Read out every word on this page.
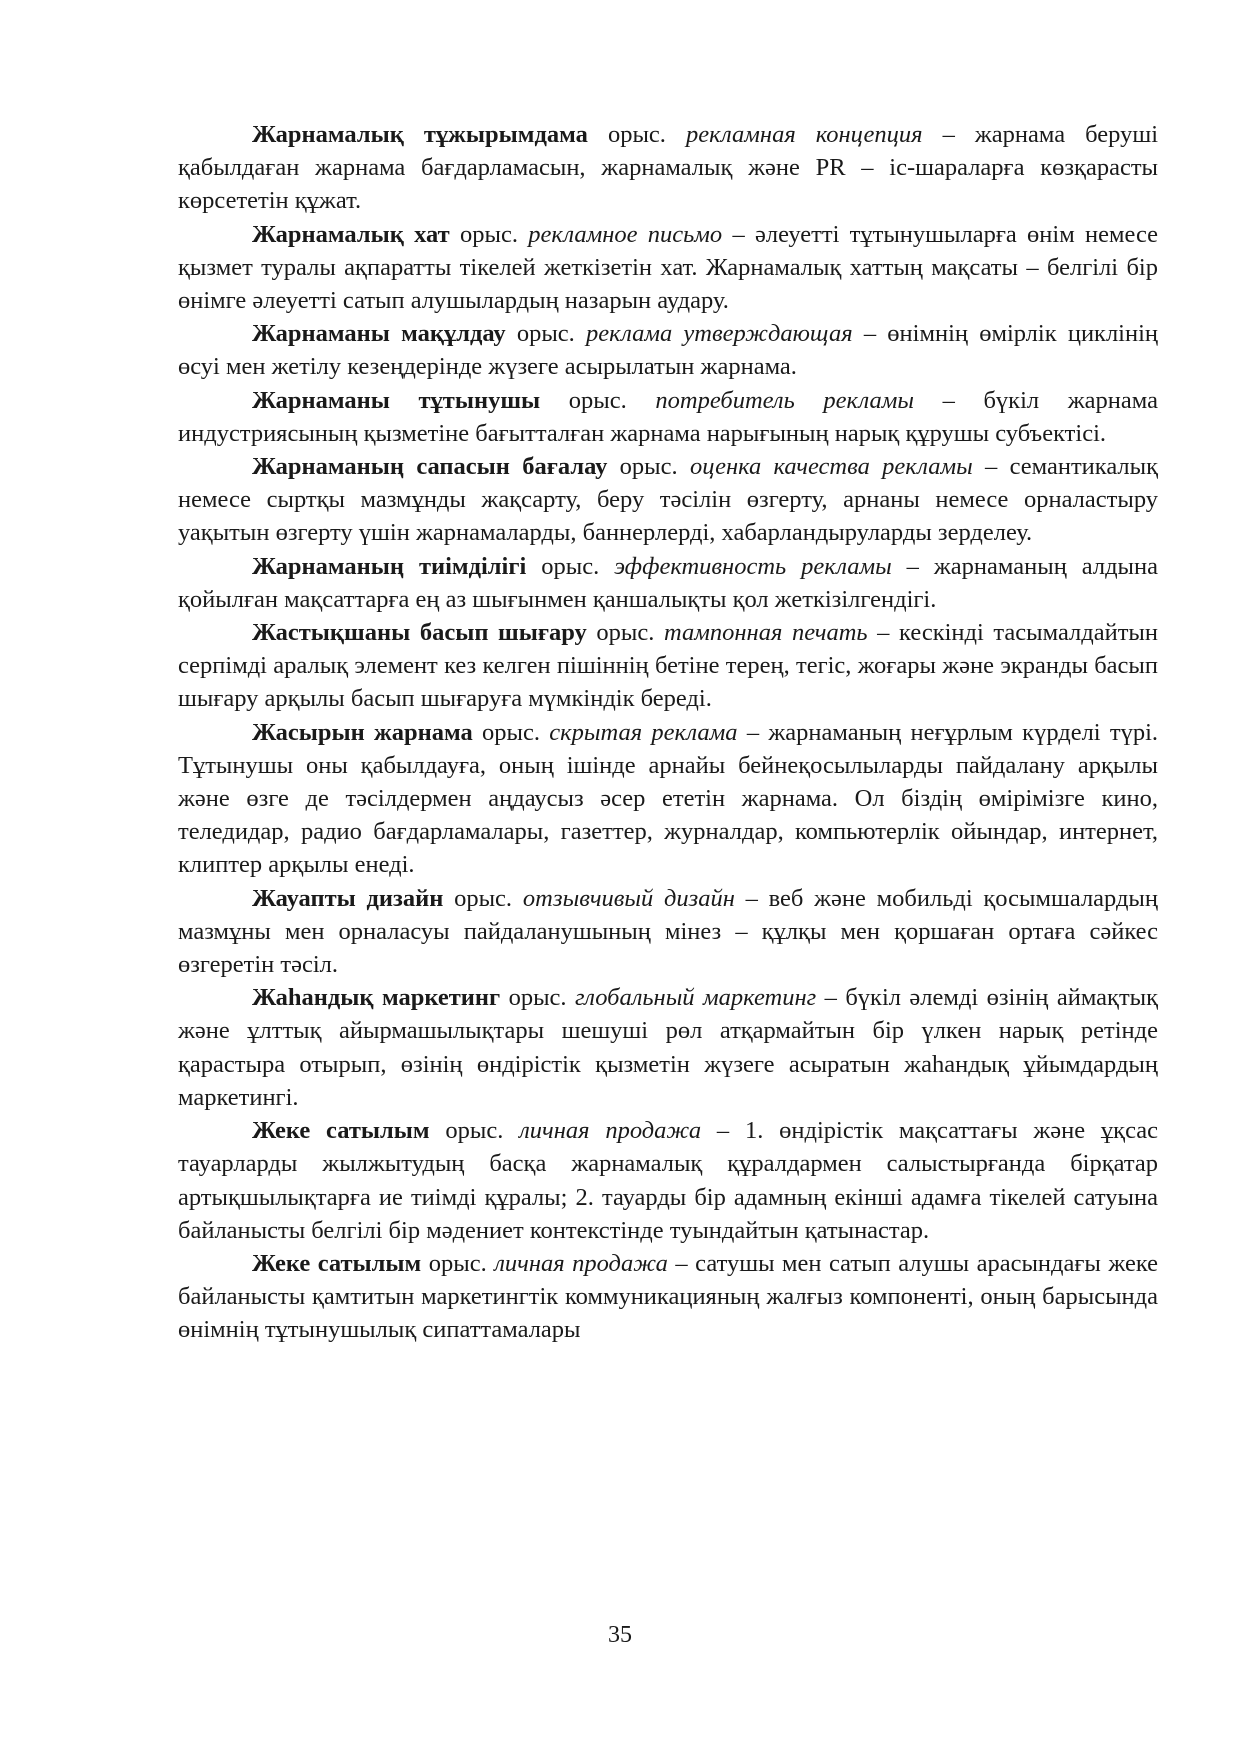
Жарнамалық тұжырымдама орыс. рекламная концепция – жарнама беруші қабылдаған жарнама бағдарламасын, жарнамалық және PR – іс-шараларға көзқарасты көрсететін құжат.

Жарнамалық хат орыс. рекламное письмо – әлеуетті тұтынушыларға өнім немесе қызмет туралы ақпаратты тікелей жеткізетін хат. Жарнамалық хаттың мақсаты – белгілі бір өнімге әлеуетті сатып алушылардың назарын аудару.

Жарнаманы мақұлдау орыс. реклама утверждающая – өнімнің өмірлік циклінің өсуі мен жетілу кезеңдерінде жүзеге асырылатын жарнама.

Жарнаманы тұтынушы орыс. потребитель рекламы – бүкіл жарнама индустриясының қызметіне бағытталған жарнама нарығының нарық құрушы субъектісі.

Жарнаманың сапасын бағалау орыс. оценка качества рекламы – семантикалық немесе сыртқы мазмұнды жақсарту, беру тәсілін өзгерту, арнаны немесе орналастыру уақытын өзгерту үшін жарнамаларды, баннерлерді, хабарландыруларды зерделеу.

Жарнаманың тиімділігі орыс. эффективность рекламы – жарнаманың алдына қойылған мақсаттарға ең аз шығынмен қаншалықты қол жеткізілгендігі.

Жастықшаны басып шығару орыс. тампонная печать – кескінді тасымалдайтын серпімді аралық элемент кез келген пішіннің бетіне терең, тегіс, жоғары және экранды басып шығару арқылы басып шығаруға мүмкіндік береді.

Жасырын жарнама орыс. скрытая реклама – жарнаманың неғұрлым күрделі түрі. Тұтынушы оны қабылдауға, оның ішінде арнайы бейнеқосылыларды пайдалану арқылы және өзге де тәсілдермен аңдаусыз әсер ететін жарнама. Ол біздің өмірімізге кино, теледидар, радио бағдарламалары, газеттер, журналдар, компьютерлік ойындар, интернет, клиптер арқылы енеді.

Жауапты дизайн орыс. отзывчивый дизайн – веб және мобильді қосымшалардың мазмұны мен орналасуы пайдаланушының мінез – құлқы мен қоршаған ортаға сәйкес өзгеретін тәсіл.

Жаһандық маркетинг орыс. глобальный маркетинг – бүкіл әлемді өзінің аймақтық және ұлттық айырмашылықтары шешуші рөл атқармайтын бір үлкен нарық ретінде қарастыра отырып, өзінің өндірістік қызметін жүзеге асыратын жаһандық ұйымдардың маркетингі.

Жеке сатылым орыс. личная продажа – 1. өндірістік мақсаттағы және ұқсас тауарларды жылжытудың басқа жарнамалық құралдармен салыстырғанда бірқатар артықшылықтарға ие тиімді құралы; 2. тауарды бір адамның екінші адамға тікелей сатуына байланысты белгілі бір мәдениет контекстінде туындайтын қатынастар.

Жеке сатылым орыс. личная продажа – сатушы мен сатып алушы арасындағы жеке байланысты қамтитын маркетингтік коммуникацияның жалғыз компоненті, оның барысында өнімнің тұтынушылық сипаттамалары

35
